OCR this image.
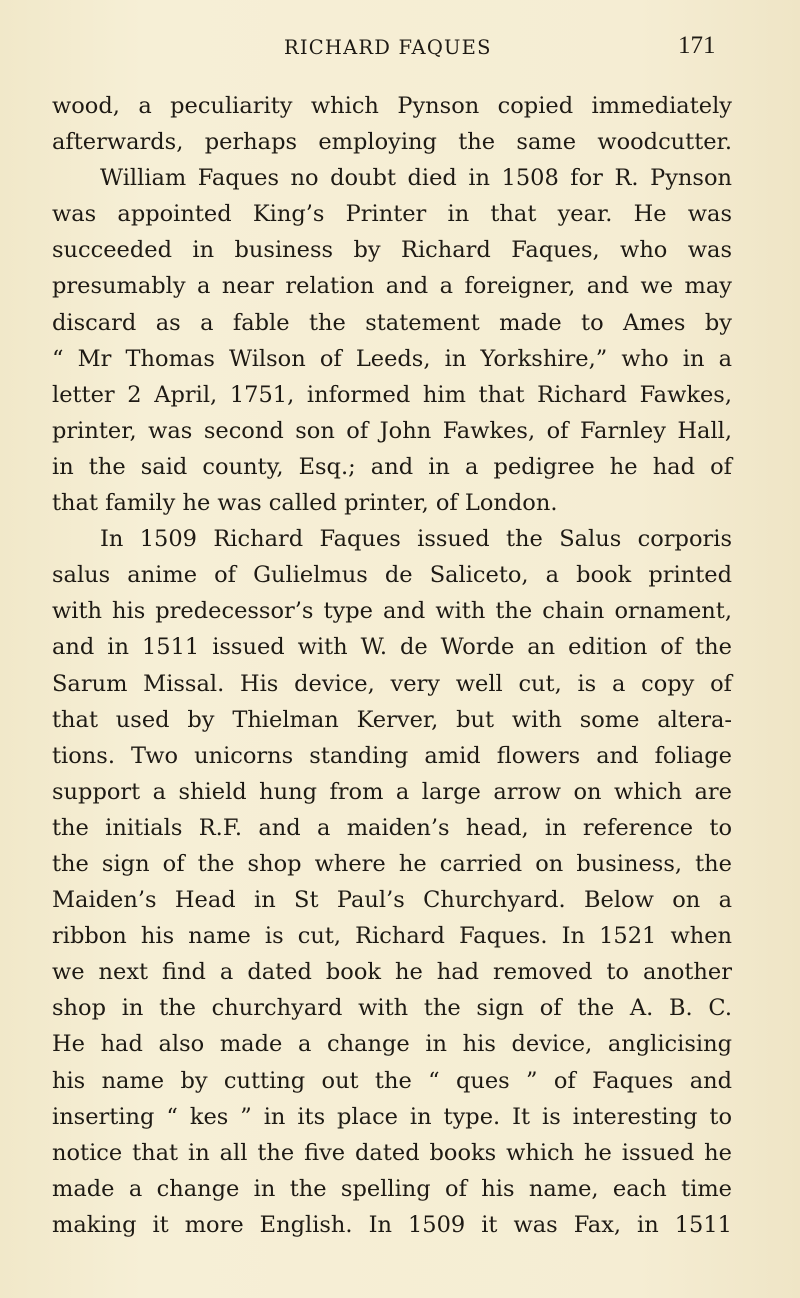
RICHARD FAQUES	171
wood, a peculiarity which Pynson copied immediately
afterwards, perhaps employing the same woodcutter.
William Faques no doubt died in 1508 for R. Pynson
was appointed King’s Printer in that year. He was
succeeded in business by Richard Faques, who was
presumably a near relation and a foreigner, and we may
discard as a fable the statement made to Ames by
“ Mr Thomas Wilson of Leeds, in Yorkshire,” who in a
letter 2 April, 1751, informed him that Richard Fawkes,
printer, was second son of John Fawkes, of Farnley Hall,
in the said county, Esq.; and in a pedigree he had of
that family he was called printer, of London.
In 1509 Richard Faques issued the Salus corporis
salus anime of Gulielmus de Saliceto, a book printed
with his predecessor’s type and with the chain ornament,
and in 1511 issued with W. de Worde an edition of the
Sarum Missal. His device, very well cut, is a copy of
that used by Thielman Kerver, but with some altera-
tions. Two unicorns standing amid flowers and foliage
support a shield hung from a large arrow on which are
the initials R.F. and a maiden’s head, in reference to
the sign of the shop where he carried on business, the
Maiden’s Head in St Paul’s Churchyard. Below on a
ribbon his name is cut, Richard Faques. In 1521 when
we next find a dated book he had removed to another
shop in the churchyard with the sign of the A. B. C.
He had also made a change in his device, anglicising
his name by cutting out the “ ques ” of Faques and
inserting “ kes ” in its place in type. It is interesting to
notice that in all the five dated books which he issued he
made a change in the spelling of his name, each time
making it more English. In 1509 it was Fax, in 1511
